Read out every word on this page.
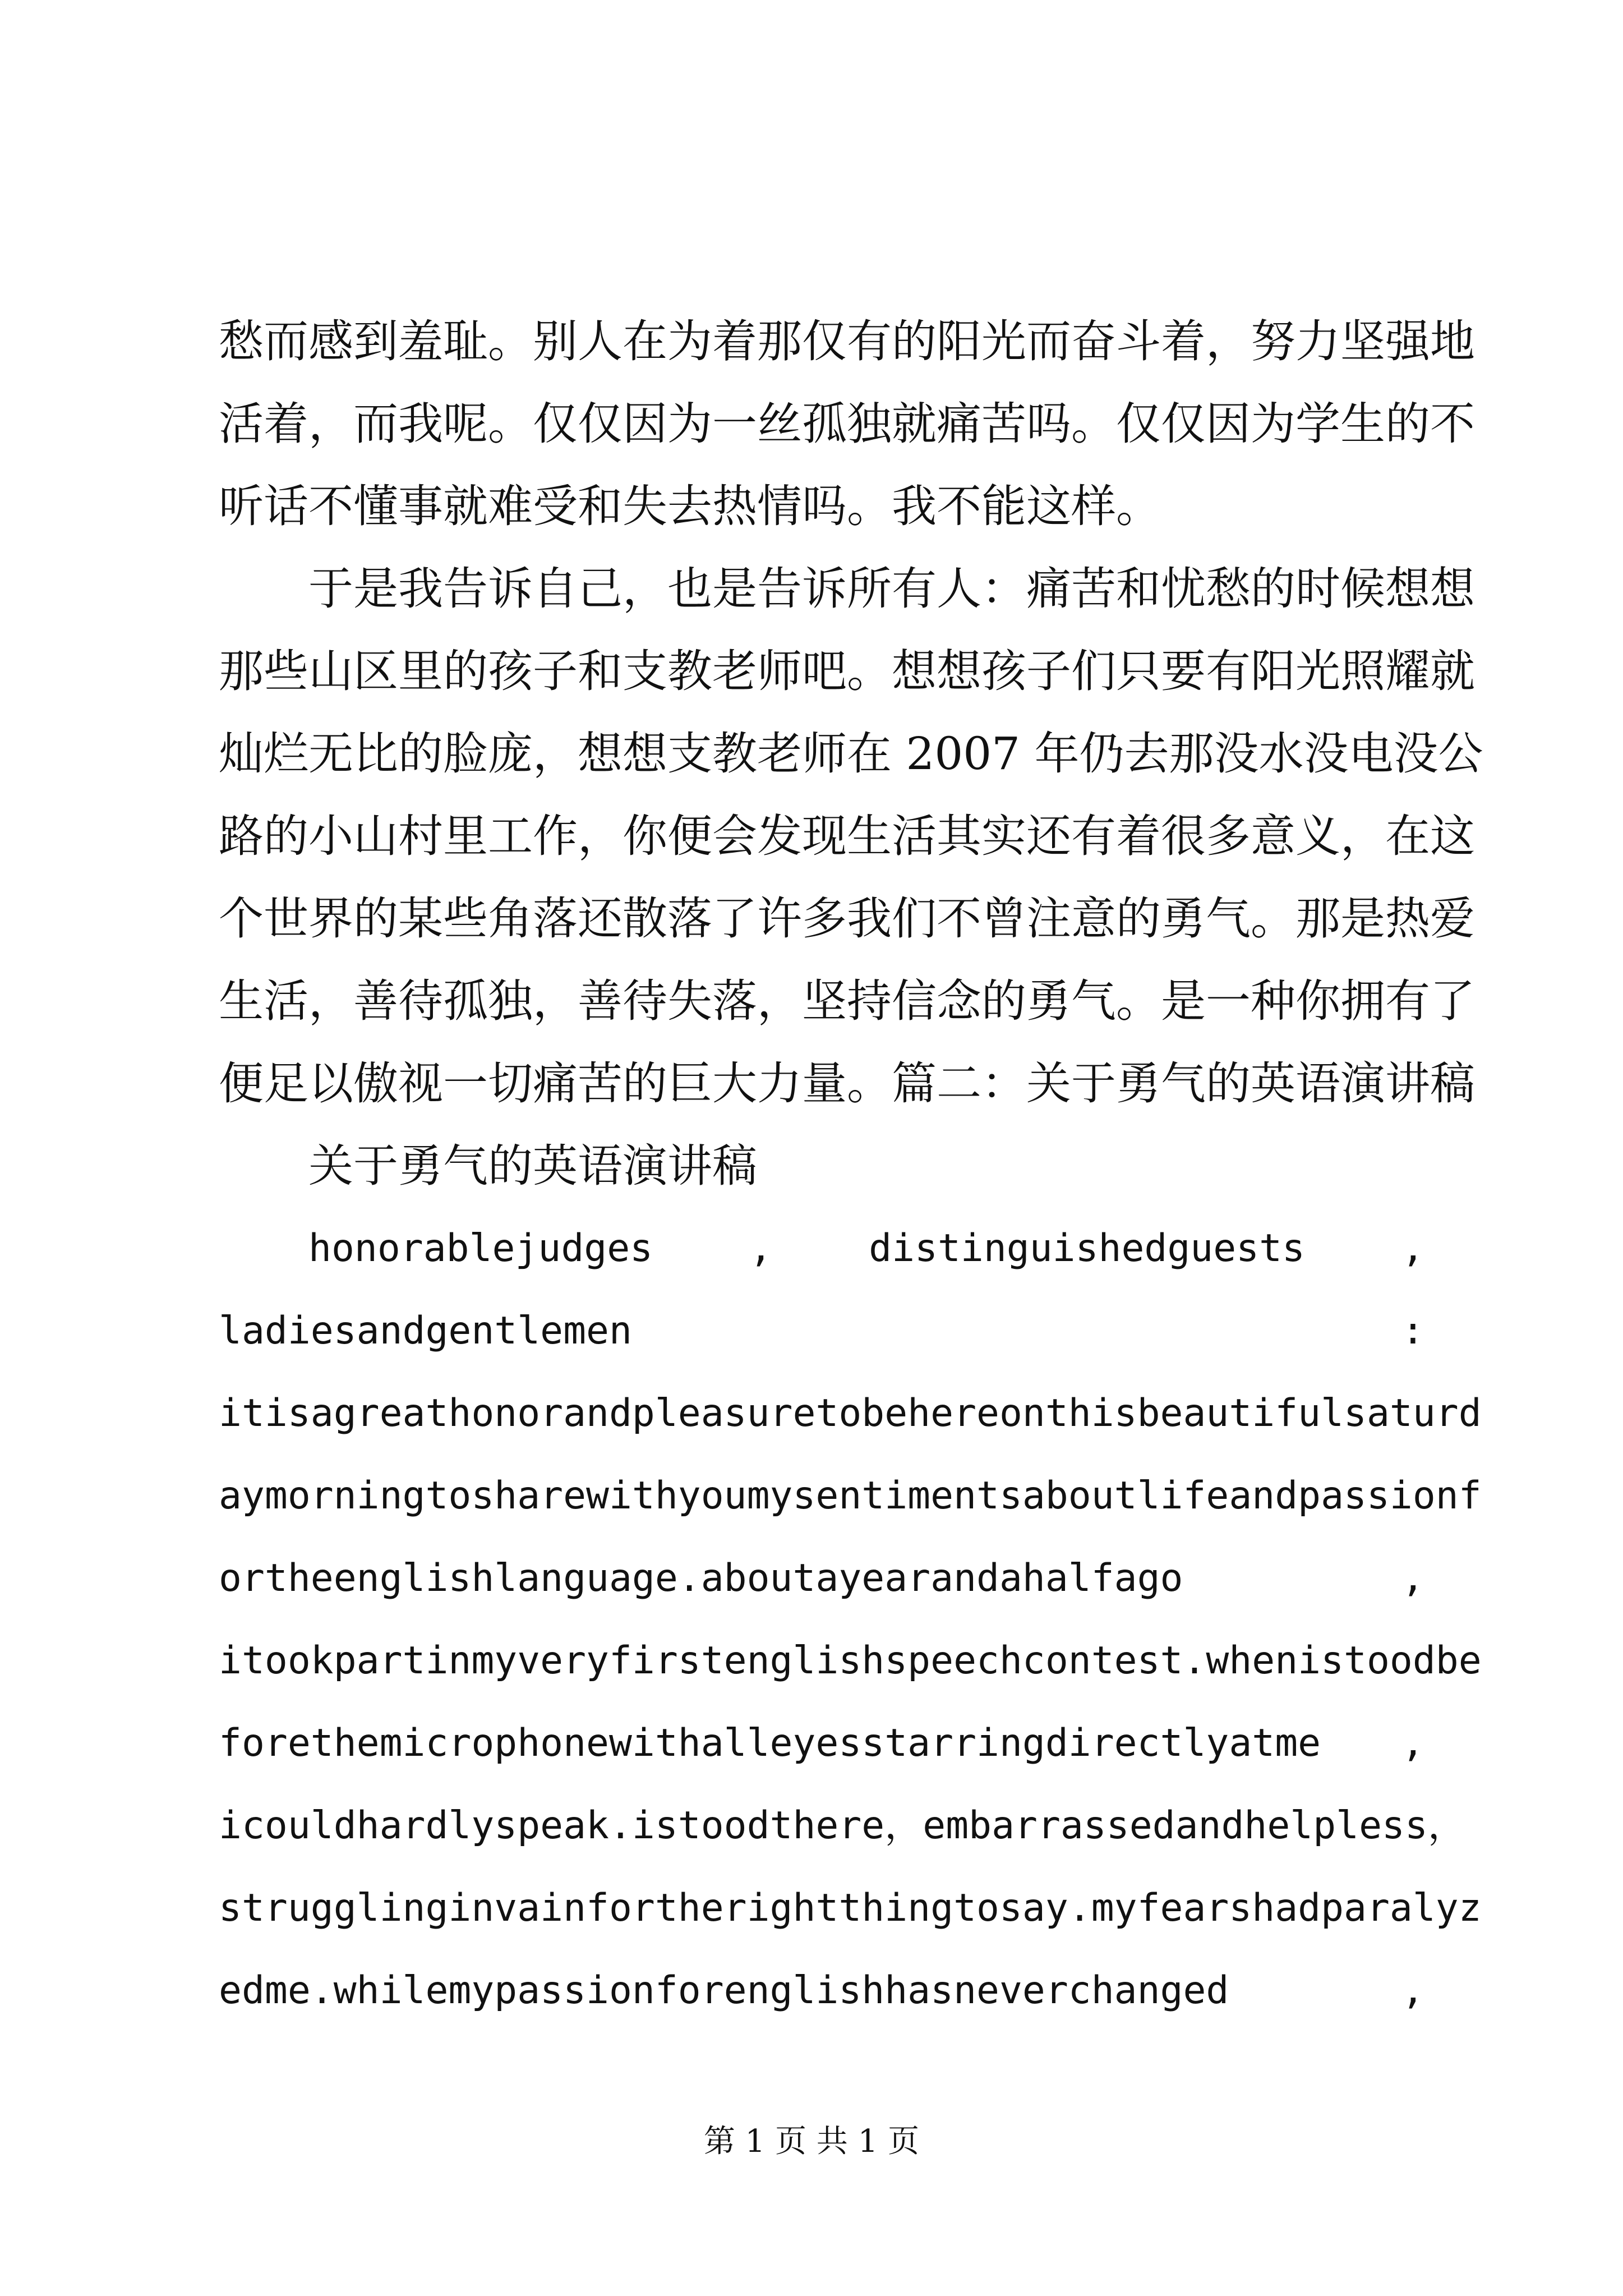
愁而感到羞耻。别人在为着那仅有的阳光而奋斗着，努力坚强地
活着，而我呢。仅仅因为一丝孤独就痛苦吗。仅仅因为学生的不
听话不懂事就难受和失去热情吗。我不能这样。
于是我告诉自己，也是告诉所有人：痛苦和忧愁的时候想想
那些山区里的孩子和支教老师吧。想想孩子们只要有阳光照耀就
灿烂无比的脸庞，想想支教老师在 2007 年仍去那没水没电没公
路的小山村里工作，你便会发现生活其实还有着很多意义，在这
个世界的某些角落还散落了许多我们不曾注意的勇气。那是热爱
生活，善待孤独，善待失落，坚持信念的勇气。是一种你拥有了
便足以傲视一切痛苦的巨大力量。篇二：关于勇气的英语演讲稿
关于勇气的英语演讲稿
honorablejudges	,	distinguishedguests	,
ladiesandgentlemen	:
itisagreathonorandpleasuretobehereonthisbeautifulsaturd
aymorningtosharewithyoumysentimentsaboutlifeandpassionf
ortheenglishlanguage.aboutayearandahalfago	,
itookpartinmyveryfirstenglishspeechcontest.whenistoodbe
forethemicrophonewithalleyesstarringdirectlyatme ,
icouldhardlyspeak.istoodthere， embarrassedandhelpless，
strugglinginvainfortherightthingtosay.myfearshadparalyz
edme.whilemypassionforenglishhasneverchanged	,
第 1 页 共 1 页
